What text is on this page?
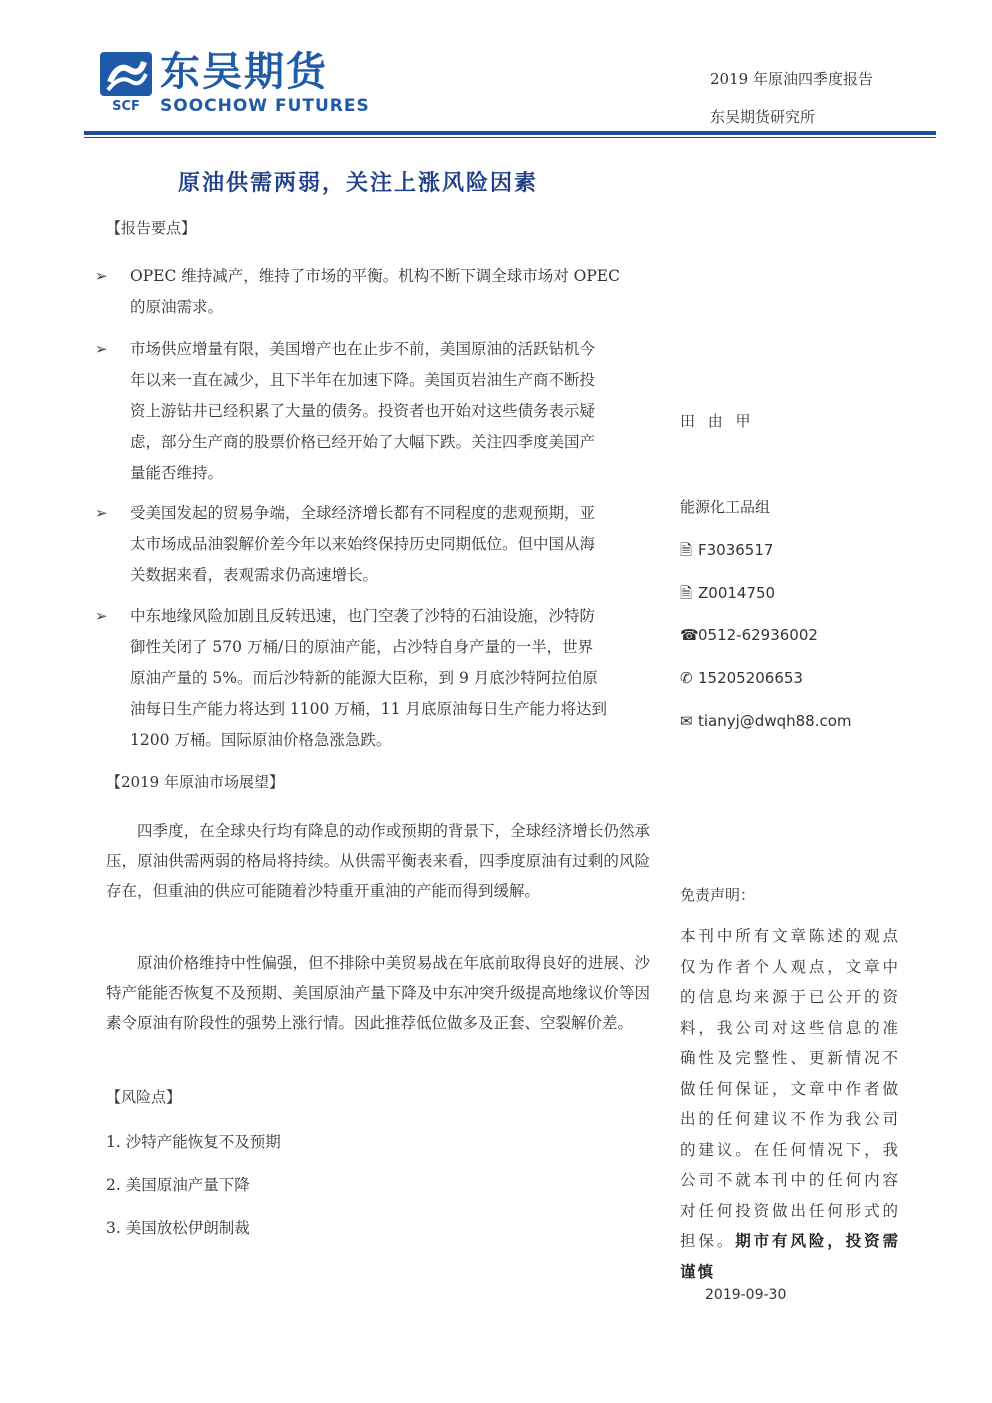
SCF
东吴期货
SOOCHOW FUTURES
2019 年原油四季度报告
东吴期货研究所
原油供需两弱，关注上涨风险因素
【报告要点】
➢ OPEC 维持减产，维持了市场的平衡。机构不断下调全球市场对 OPEC
的原油需求。
➢ 市场供应增量有限，美国增产也在止步不前，美国原油的活跃钻机今
年以来一直在减少，且下半年在加速下降。美国页岩油生产商不断投
资上游钻井已经积累了大量的债务。投资者也开始对这些债务表示疑
虑，部分生产商的股票价格已经开始了大幅下跌。关注四季度美国产
量能否维持。
➢ 受美国发起的贸易争端，全球经济增长都有不同程度的悲观预期，亚
太市场成品油裂解价差今年以来始终保持历史同期低位。但中国从海
关数据来看，表观需求仍高速增长。
➢ 中东地缘风险加剧且反转迅速，也门空袭了沙特的石油设施，沙特防
御性关闭了 570 万桶/日的原油产能，占沙特自身产量的一半，世界
原油产量的 5%。而后沙特新的能源大臣称，到 9 月底沙特阿拉伯原
油每日生产能力将达到 1100 万桶，11 月底原油每日生产能力将达到
1200 万桶。国际原油价格急涨急跌。
【2019 年原油市场展望】
四季度，在全球央行均有降息的动作或预期的背景下，全球经济增长仍然承压，原油供需两弱的格局将持续。从供需平衡表来看，四季度原油有过剩的风险存在，但重油的供应可能随着沙特重开重油的产能而得到缓解。
原油价格维持中性偏强，但不排除中美贸易战在年底前取得良好的进展、沙特产能能否恢复不及预期、美国原油产量下降及中东冲突升级提高地缘议价等因素令原油有阶段性的强势上涨行情。因此推荐低位做多及正套、空裂解价差。
【风险点】
1. 沙特产能恢复不及预期
2. 美国原油产量下降
3. 美国放松伊朗制裁
田 由 甲
能源化工品组
🗎 F3036517
🗎 Z0014750
☎0512-62936002
✆ 15205206653
✉ tianyj@dwqh88.com
免责声明：
本刊中所有文章陈述的观点仅为作者个人观点，文章中的信息均来源于已公开的资料，我公司对这些信息的准确性及完整性、更新情况不做任何保证，文章中作者做出的任何建议不作为我公司的建议。在任何情况下，我公司不就本刊中的任何内容对任何投资做出任何形式的担保。期市有风险，投资需谨慎
2019-09-30
